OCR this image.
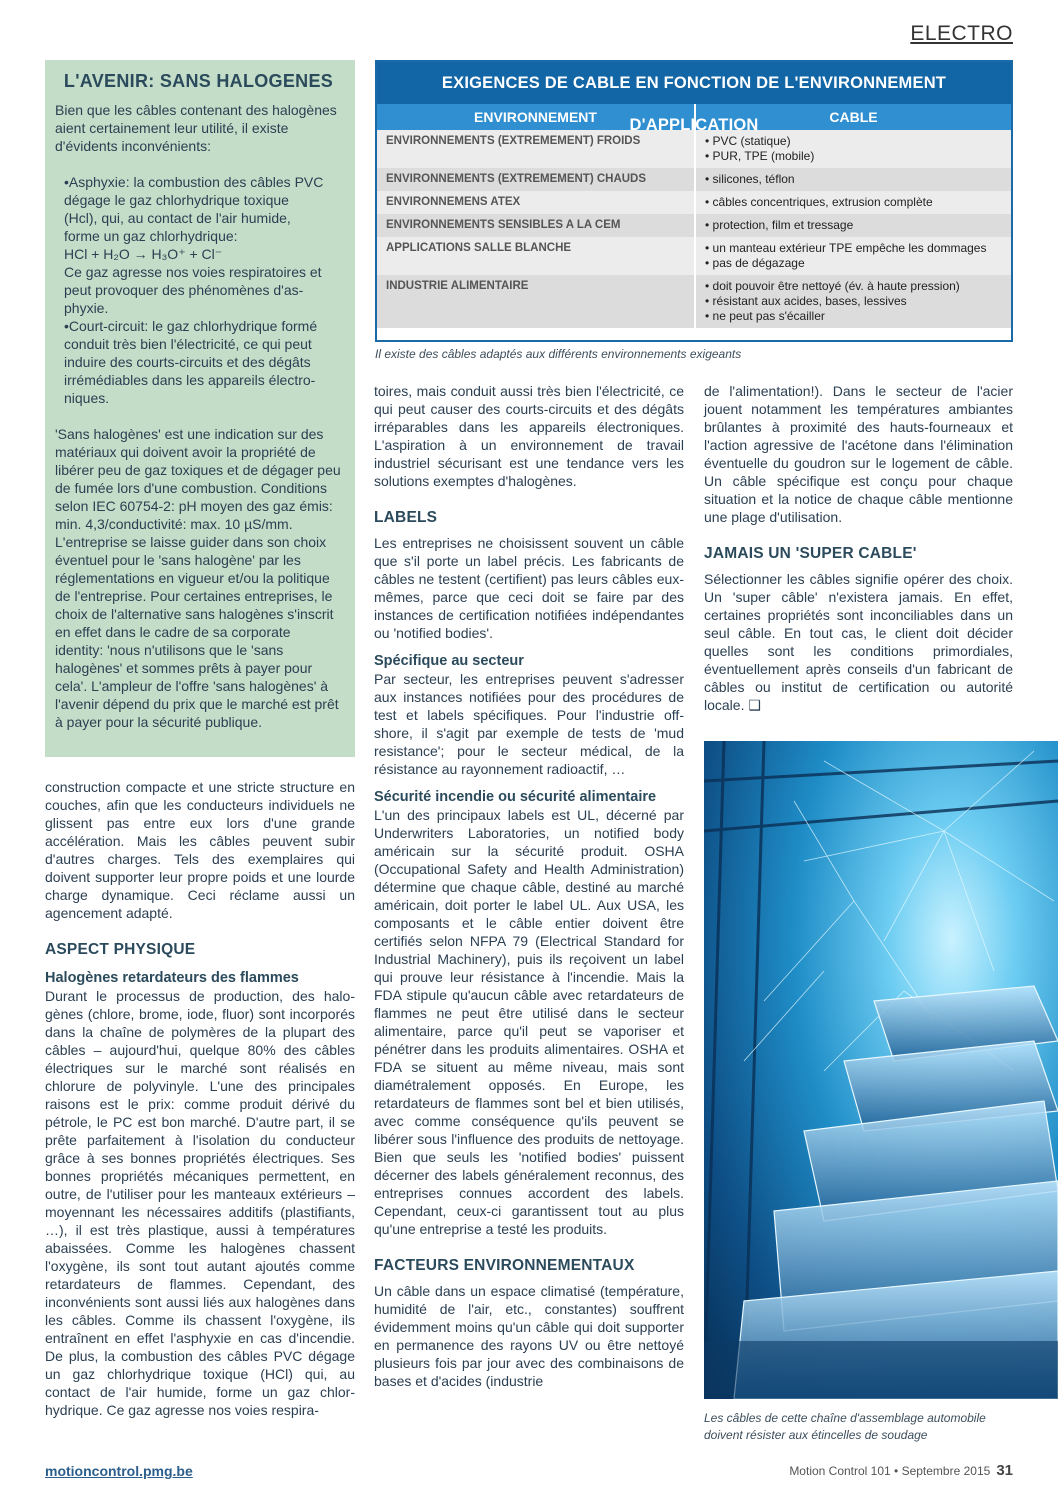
ELECTRO
L'AVENIR: SANS HALOGENES

Bien que les câbles contenant des halogènes aient certainement leur utilité, il existe d'évidents inconvénients:

•Asphyxie: la combustion des câbles PVC
dégage le gaz chlorhydrique toxique
(Hcl), qui, au contact de l'air humide,
forme un gaz chlorhydrique:
HCl + H₂O → H₃O⁺ + Cl⁻
Ce gaz agresse nos voies respiratoires et
peut provoquer des phénomènes d'as-
phyxie.
•Court-circuit: le gaz chlorhydrique formé
conduit très bien l'électricité, ce qui peut
induire des courts-circuits et des dégâts
irrémédiables dans les appareils électro-
niques.

'Sans halogènes' est une indication sur des matériaux qui doivent avoir la propriété de libérer peu de gaz toxiques et de dégager peu de fumée lors d'une combustion. Conditions selon IEC 60754-2: pH moyen des gaz émis: min. 4,3/conductivité: max. 10 µS/mm. L'entreprise se laisse guider dans son choix éventuel pour le 'sans halogène' par les réglementations en vigueur et/ou la politique de l'entreprise. Pour certaines entreprises, le choix de l'alternative sans halogènes s'inscrit en effet dans le cadre de sa corporate identity: 'nous n'utilisons que le 'sans halogènes' et sommes prêts à payer pour cela'. L'ampleur de l'offre 'sans halogènes' à l'avenir dépend du prix que le marché est prêt à payer pour la sécurité publique.

EXIGENCES DE CABLE EN FONCTION DE L'ENVIRONNEMENT D'APPLICATION
ENVIRONNEMENT	CABLE
ENVIRONNEMENTS (EXTREMEMENT) FROIDS	• PVC (statique)
• PUR, TPE (mobile)

ENVIRONNEMENTS (EXTREMEMENT) CHAUDS	• silicones, téflon

ENVIRONNEMENS ATEX	• câbles concentriques, extrusion complète

ENVIRONNEMENTS SENSIBLES A LA CEM	• protection, film et tressage

APPLICATIONS SALLE BLANCHE	• un manteau extérieur TPE empêche les dommages
• pas de dégazage

INDUSTRIE ALIMENTAIRE	• doit pouvoir être nettoyé (év. à haute pression)
• résistant aux acides, bases, lessives
• ne peut pas s'écailler
Il existe des câbles adaptés aux différents environnements exigeants

construction compacte et une stricte structure en couches, afin que les conducteurs individuels ne glissent pas entre eux lors d'une grande accélération. Mais les câbles peuvent subir d'autres charges. Tels des exemplaires qui doivent supporter leur propre poids et une lourde charge dynamique. Ceci réclame aussi un agencement adapté.

ASPECT PHYSIQUE
Halogènes retardateurs des flammes

Durant le processus de production, des halogènes (chlore, brome, iode, fluor) sont incorporés dans la chaîne de polymères de la plupart des câbles – aujourd'hui, quelque 80% des câbles électriques sur le marché sont réalisés en chlorure de polyvinyle. L'une des principales raisons est le prix: comme produit dérivé du pétrole, le PC est bon marché. D'autre part, il se prête parfaitement à l'isolation du conducteur grâce à ses bonnes propriétés électriques. Ses bonnes propriétés mécaniques permettent, en outre, de l'utiliser pour les manteaux extérieurs – moyennant les nécessaires additifs (plastifiants, …), il est très plastique, aussi à températures abaissées. Comme les halogènes chassent l'oxygène, ils sont tout autant ajoutés comme retardateurs de flammes. Cependant, des inconvénients sont aussi liés aux halogènes dans les câbles. Comme ils chassent l'oxygène, ils entraînent en effet l'asphyxie en cas d'incendie. De plus, la combustion des câbles PVC dégage un gaz chlorhydrique toxique (HCl) qui, au contact de l'air humide, forme un gaz chlorhydrique. Ce gaz agresse nos voies respira-

toires, mais conduit aussi très bien l'électricité, ce qui peut causer des courts-circuits et des dégâts irréparables dans les appareils électroniques. L'aspiration à un environnement de travail industriel sécurisant est une tendance vers les solutions exemptes d'halogènes.

LABELS

Les entreprises ne choisissent souvent un câble que s'il porte un label précis. Les fabricants de câbles ne testent (certifient) pas leurs câbles eux-mêmes, parce que ceci doit se faire par des instances de certification notifiées indépendantes ou 'notified bodies'.

Spécifique au secteur

Par secteur, les entreprises peuvent s'adresser aux instances notifiées pour des procédures de test et labels spécifiques. Pour l'industrie offshore, il s'agit par exemple de tests de 'mud resistance'; pour le secteur médical, de la résistance au rayonnement radioactif, …

Sécurité incendie ou sécurité alimentaire

L'un des principaux labels est UL, décerné par Underwriters Laboratories, un notified body américain sur la sécurité produit. OSHA (Occupational Safety and Health Administration) détermine que chaque câble, destiné au marché américain, doit porter le label UL. Aux USA, les composants et le câble entier doivent être certifiés selon NFPA 79 (Electrical Standard for Industrial Machinery), puis ils reçoivent un label qui prouve leur résistance à l'incendie. Mais la FDA stipule qu'aucun câble avec retardateurs de flammes ne peut être utilisé dans le secteur alimentaire, parce qu'il peut se vaporiser et pénétrer dans les produits alimentaires. OSHA et FDA se situent au même niveau, mais sont diamétralement opposés. En Europe, les retardateurs de flammes sont bel et bien utilisés, avec comme conséquence qu'ils peuvent se libérer sous l'influence des produits de nettoyage. Bien que seuls les 'notified bodies' puissent décerner des labels généralement reconnus, des entreprises connues accordent des labels. Cependant, ceux-ci garantissent tout au plus qu'une entreprise a testé les produits.

FACTEURS ENVIRONNEMENTAUX

Un câble dans un espace climatisé (température, humidité de l'air, etc., constantes) souffrent évidemment moins qu'un câble qui doit supporter en permanence des rayons UV ou être nettoyé plusieurs fois par jour avec des combinaisons de bases et d'acides (industrie

de l'alimentation!). Dans le secteur de l'acier jouent notamment les températures ambiantes brûlantes à proximité des hauts-fourneaux et l'action agressive de l'acétone dans l'élimination éventuelle du goudron sur le logement de câble. Un câble spécifique est conçu pour chaque situation et la notice de chaque câble mentionne une plage d'utilisation.

JAMAIS UN 'SUPER CABLE'

Sélectionner les câbles signifie opérer des choix. Un 'super câble' n'existera jamais. En effet, certaines propriétés sont inconciliables dans un seul câble. En tout cas, le client doit décider quelles sont les conditions primordiales, éventuellement après conseils d'un fabricant de câbles ou institut de certification ou autorité locale. ❑

Les câbles de cette chaîne d'assemblage automobile doivent résister aux étincelles de soudage
motioncontrol.pmg.be	Motion Control 101 • Septembre 2015 31
